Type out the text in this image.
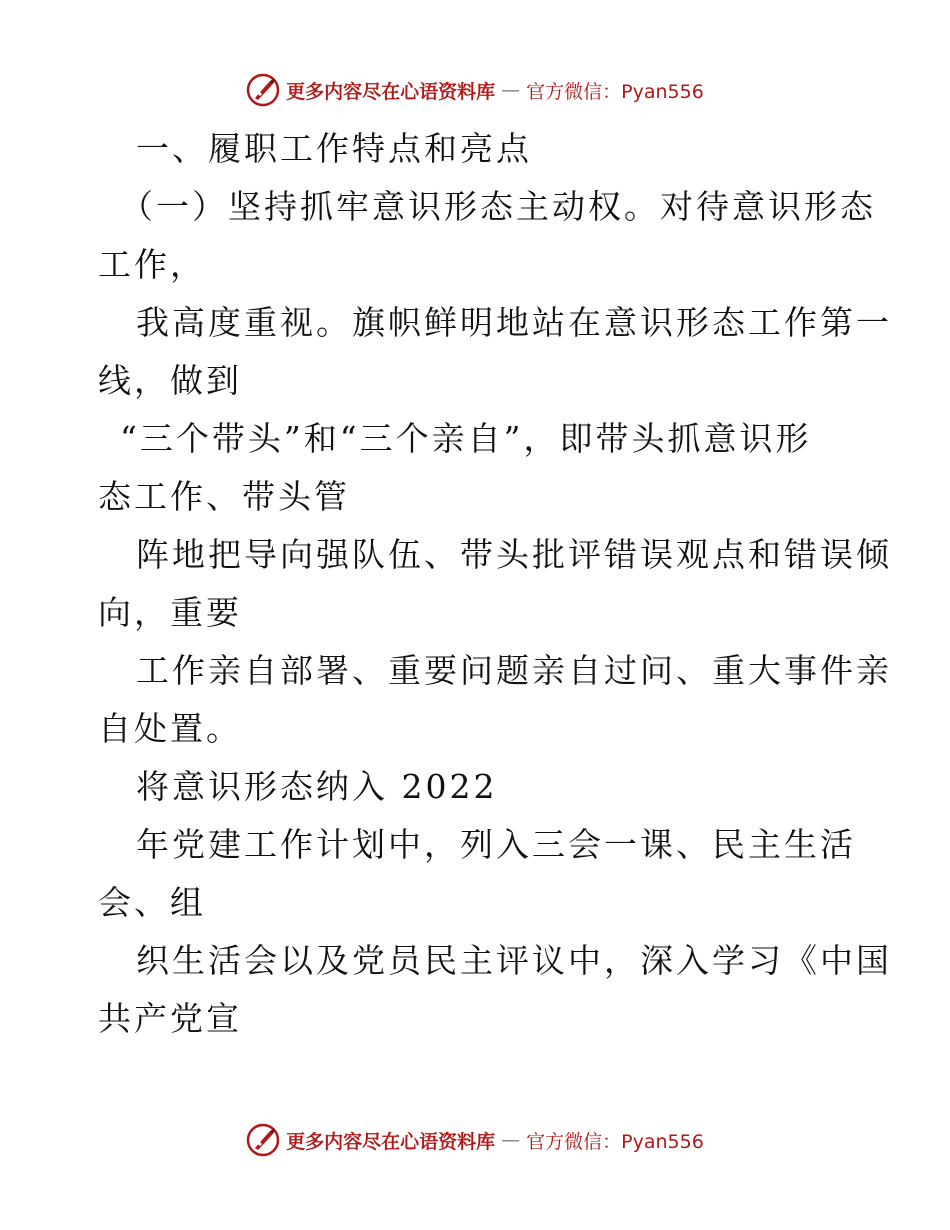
更多内容尽在心语资料库 — 官方微信：Pyan556
一、履职工作特点和亮点
（一）坚持抓牢意识形态主动权。对待意识形态
工作，
我高度重视。旗帜鲜明地站在意识形态工作第一
线，做到
“三个带头”和“三个亲自”，即带头抓意识形
态工作、带头管
阵地把导向强队伍、带头批评错误观点和错误倾
向，重要
工作亲自部署、重要问题亲自过问、重大事件亲
自处置。
将意识形态纳入 2022
年党建工作计划中，列入三会一课、民主生活
会、组
织生活会以及党员民主评议中，深入学习《中国
共产党宣
更多内容尽在心语资料库 — 官方微信：Pyan556
